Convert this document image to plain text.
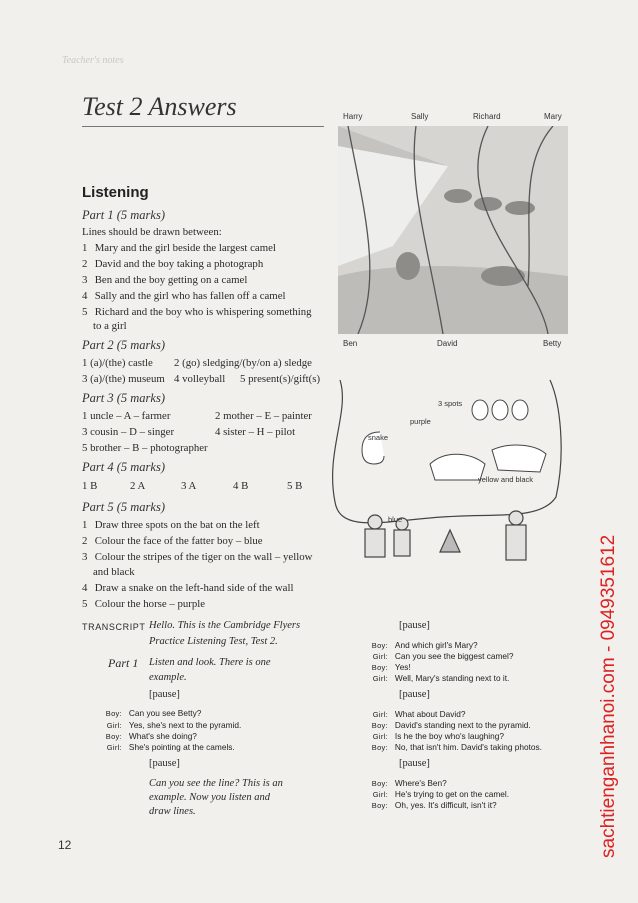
Teacher's notes
Test 2 Answers
Listening
Part 1 (5 marks)
Lines should be drawn between:
1 Mary and the girl beside the largest camel
2 David and the boy taking a photograph
3 Ben and the boy getting on a camel
4 Sally and the girl who has fallen off a camel
5 Richard and the boy who is whispering something
to a girl
Part 2 (5 marks)
1 (a)/(the) castle 2 (go) sledging/(by/on a) sledge
3 (a)/(the) museum 4 volleyball 5 present(s)/gift(s)
Part 3 (5 marks)
1 uncle – A – farmer	2 mother – E – painter
3 cousin – D – singer	4 sister – H – pilot
5 brother – B – photographer
Part 4 (5 marks)
1 B	2 A	3 A	4 B	5 B
Part 5 (5 marks)
1 Draw three spots on the bat on the left
2 Colour the face of the fatter boy – blue
3 Colour the stripes of the tiger on the wall – yellow
and black
4 Draw a snake on the left-hand side of the wall
5 Colour the horse – purple
Harry	Sally	Richard	Mary
Ben	David	Betty
3 spots
purple
snake
yellow and black
blue
TRANSCRIPT Hello. This is the Cambridge Flyers
Practice Listening Test, Test 2.
Part 1 Listen and look. There is one
example.
[pause]
Boy: Can you see Betty?
Girl: Yes, she's next to the pyramid.
Boy: What's she doing?
Girl: She's pointing at the camels.
[pause]
Can you see the line? This is an
example. Now you listen and
draw lines.
[pause]
Boy: And which girl's Mary?
Girl: Can you see the biggest camel?
Boy: Yes!
Girl: Well, Mary's standing next to it.
[pause]
Girl: What about David?
Boy: David's standing next to the pyramid.
Girl: Is he the boy who's laughing?
Boy: No, that isn't him. David's taking photos.
[pause]
Boy: Where's Ben?
Girl: He's trying to get on the camel.
Boy: Oh, yes. It's difficult, isn't it?
12	sachtienganhhanoi.com - 0949351612
